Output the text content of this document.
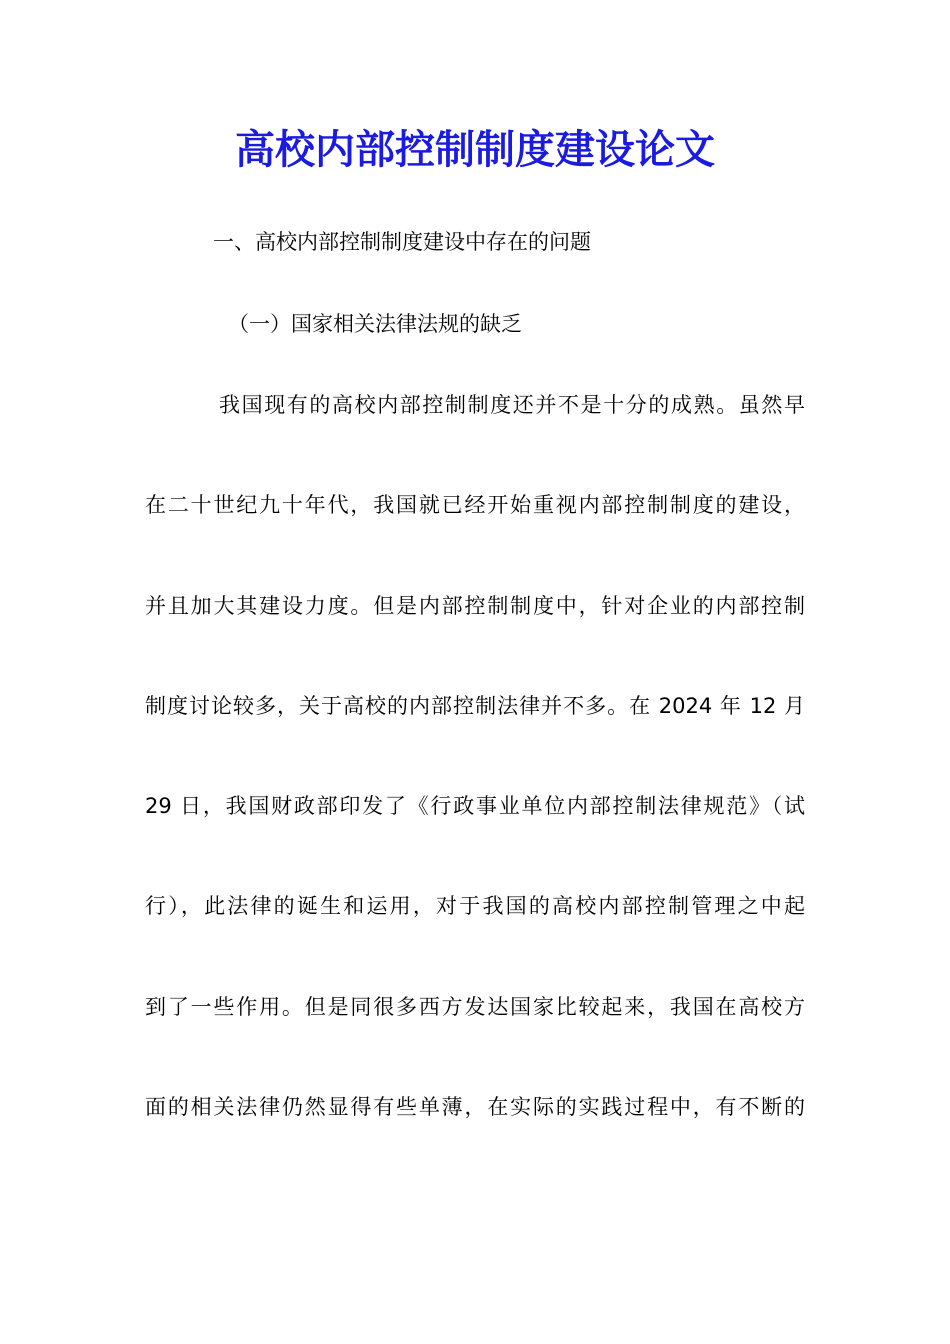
高校内部控制制度建设论文

一、高校内部控制制度建设中存在的问题

（一）国家相关法律法规的缺乏

我国现有的高校内部控制制度还并不是十分的成熟。虽然早
在二十世纪九十年代，我国就已经开始重视内部控制制度的建设，
并且加大其建设力度。但是内部控制制度中，针对企业的内部控制
制度讨论较多，关于高校的内部控制法律并不多。在 2024 年 12 月
29 日，我国财政部印发了《行政事业单位内部控制法律规范》（试
行），此法律的诞生和运用，对于我国的高校内部控制管理之中起
到了一些作用。但是同很多西方发达国家比较起来，我国在高校方
面的相关法律仍然显得有些单薄，在实际的实践过程中，有不断的
